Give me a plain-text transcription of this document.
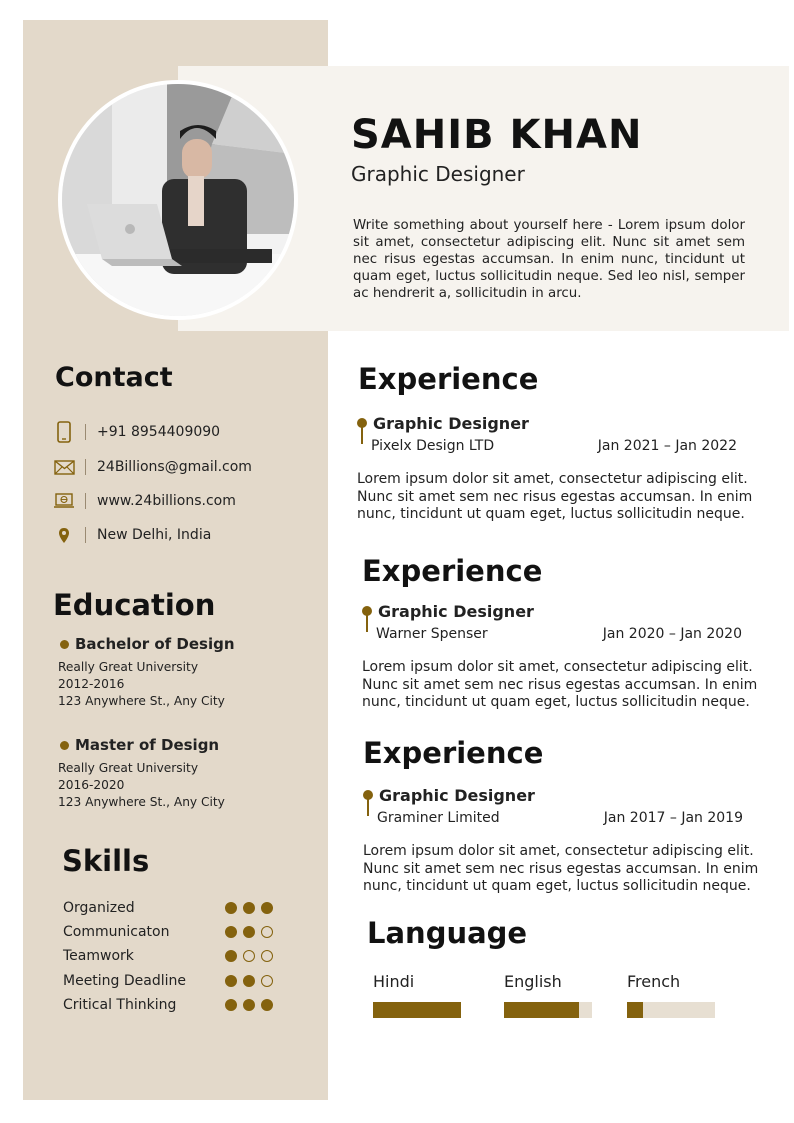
SAHIB KHAN
Graphic Designer

Write something about yourself here - Lorem ipsum dolor sit amet, consectetur adipiscing elit. Nunc sit amet sem nec risus egestas accumsan. In enim nunc, tincidunt ut quam eget, luctus sollicitudin neque. Sed leo nisl, semper ac hendrerit a, sollicitudin in arcu.

Contact
+91 8954409090
24Billions@gmail.com
www.24billions.com
New Delhi, India
Education
Bachelor of Design
Really Great University
2012-2016
123 Anywhere St., Any City
Master of Design
Really Great University
2016-2020
123 Anywhere St., Any City
Skills
Organized
Communicaton
Teamwork
Meeting Deadline
Critical Thinking
Experience
Graphic Designer
Pixelx Design LTD	Jan 2021 – Jan 2022

Lorem ipsum dolor sit amet, consectetur adipiscing elit. Nunc sit amet sem nec risus egestas accumsan. In enim nunc, tincidunt ut quam eget, luctus sollicitudin neque.

Experience
Graphic Designer
Warner Spenser	Jan 2020 – Jan 2020

Lorem ipsum dolor sit amet, consectetur adipiscing elit. Nunc sit amet sem nec risus egestas accumsan. In enim nunc, tincidunt ut quam eget, luctus sollicitudin neque.

Experience
Graphic Designer
Graminer Limited	Jan 2017 – Jan 2019

Lorem ipsum dolor sit amet, consectetur adipiscing elit. Nunc sit amet sem nec risus egestas accumsan. In enim nunc, tincidunt ut quam eget, luctus sollicitudin neque.

Language
Hindi	English	French
